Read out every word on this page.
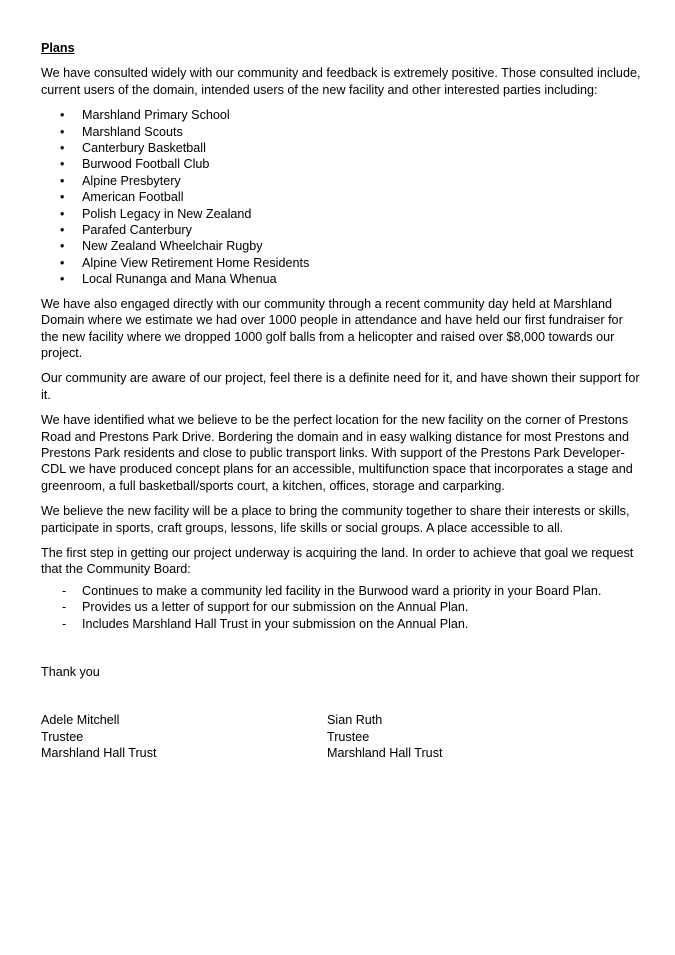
Plans

We have consulted widely with our community and feedback is extremely positive. Those consulted include, current users of the domain, intended users of the new facility and other interested parties including:

• Marshland Primary School
• Marshland Scouts
• Canterbury Basketball
• Burwood Football Club
• Alpine Presbytery
• American Football
• Polish Legacy in New Zealand
• Parafed Canterbury
• New Zealand Wheelchair Rugby
• Alpine View Retirement Home Residents
• Local Runanga and Mana Whenua

We have also engaged directly with our community through a recent community day held at Marshland Domain where we estimate we had over 1000 people in attendance and have held our first fundraiser for the new facility where we dropped 1000 golf balls from a helicopter and raised over $8,000 towards our project.

Our community are aware of our project, feel there is a definite need for it, and have shown their support for it.

We have identified what we believe to be the perfect location for the new facility on the corner of Prestons Road and Prestons Park Drive. Bordering the domain and in easy walking distance for most Prestons and Prestons Park residents and close to public transport links. With support of the Prestons Park Developer-CDL we have produced concept plans for an accessible, multifunction space that incorporates a stage and greenroom, a full basketball/sports court, a kitchen, offices, storage and carparking.

We believe the new facility will be a place to bring the community together to share their interests or skills, participate in sports, craft groups, lessons, life skills or social groups. A place accessible to all.

The first step in getting our project underway is acquiring the land. In order to achieve that goal we request that the Community Board:

- Continues to make a community led facility in the Burwood ward a priority in your Board Plan.
- Provides us a letter of support for our submission on the Annual Plan.
- Includes Marshland Hall Trust in your submission on the Annual Plan.
Thank you
Adele Mitchell
Trustee
Marshland Hall Trust
Sian Ruth
Trustee
Marshland Hall Trust
